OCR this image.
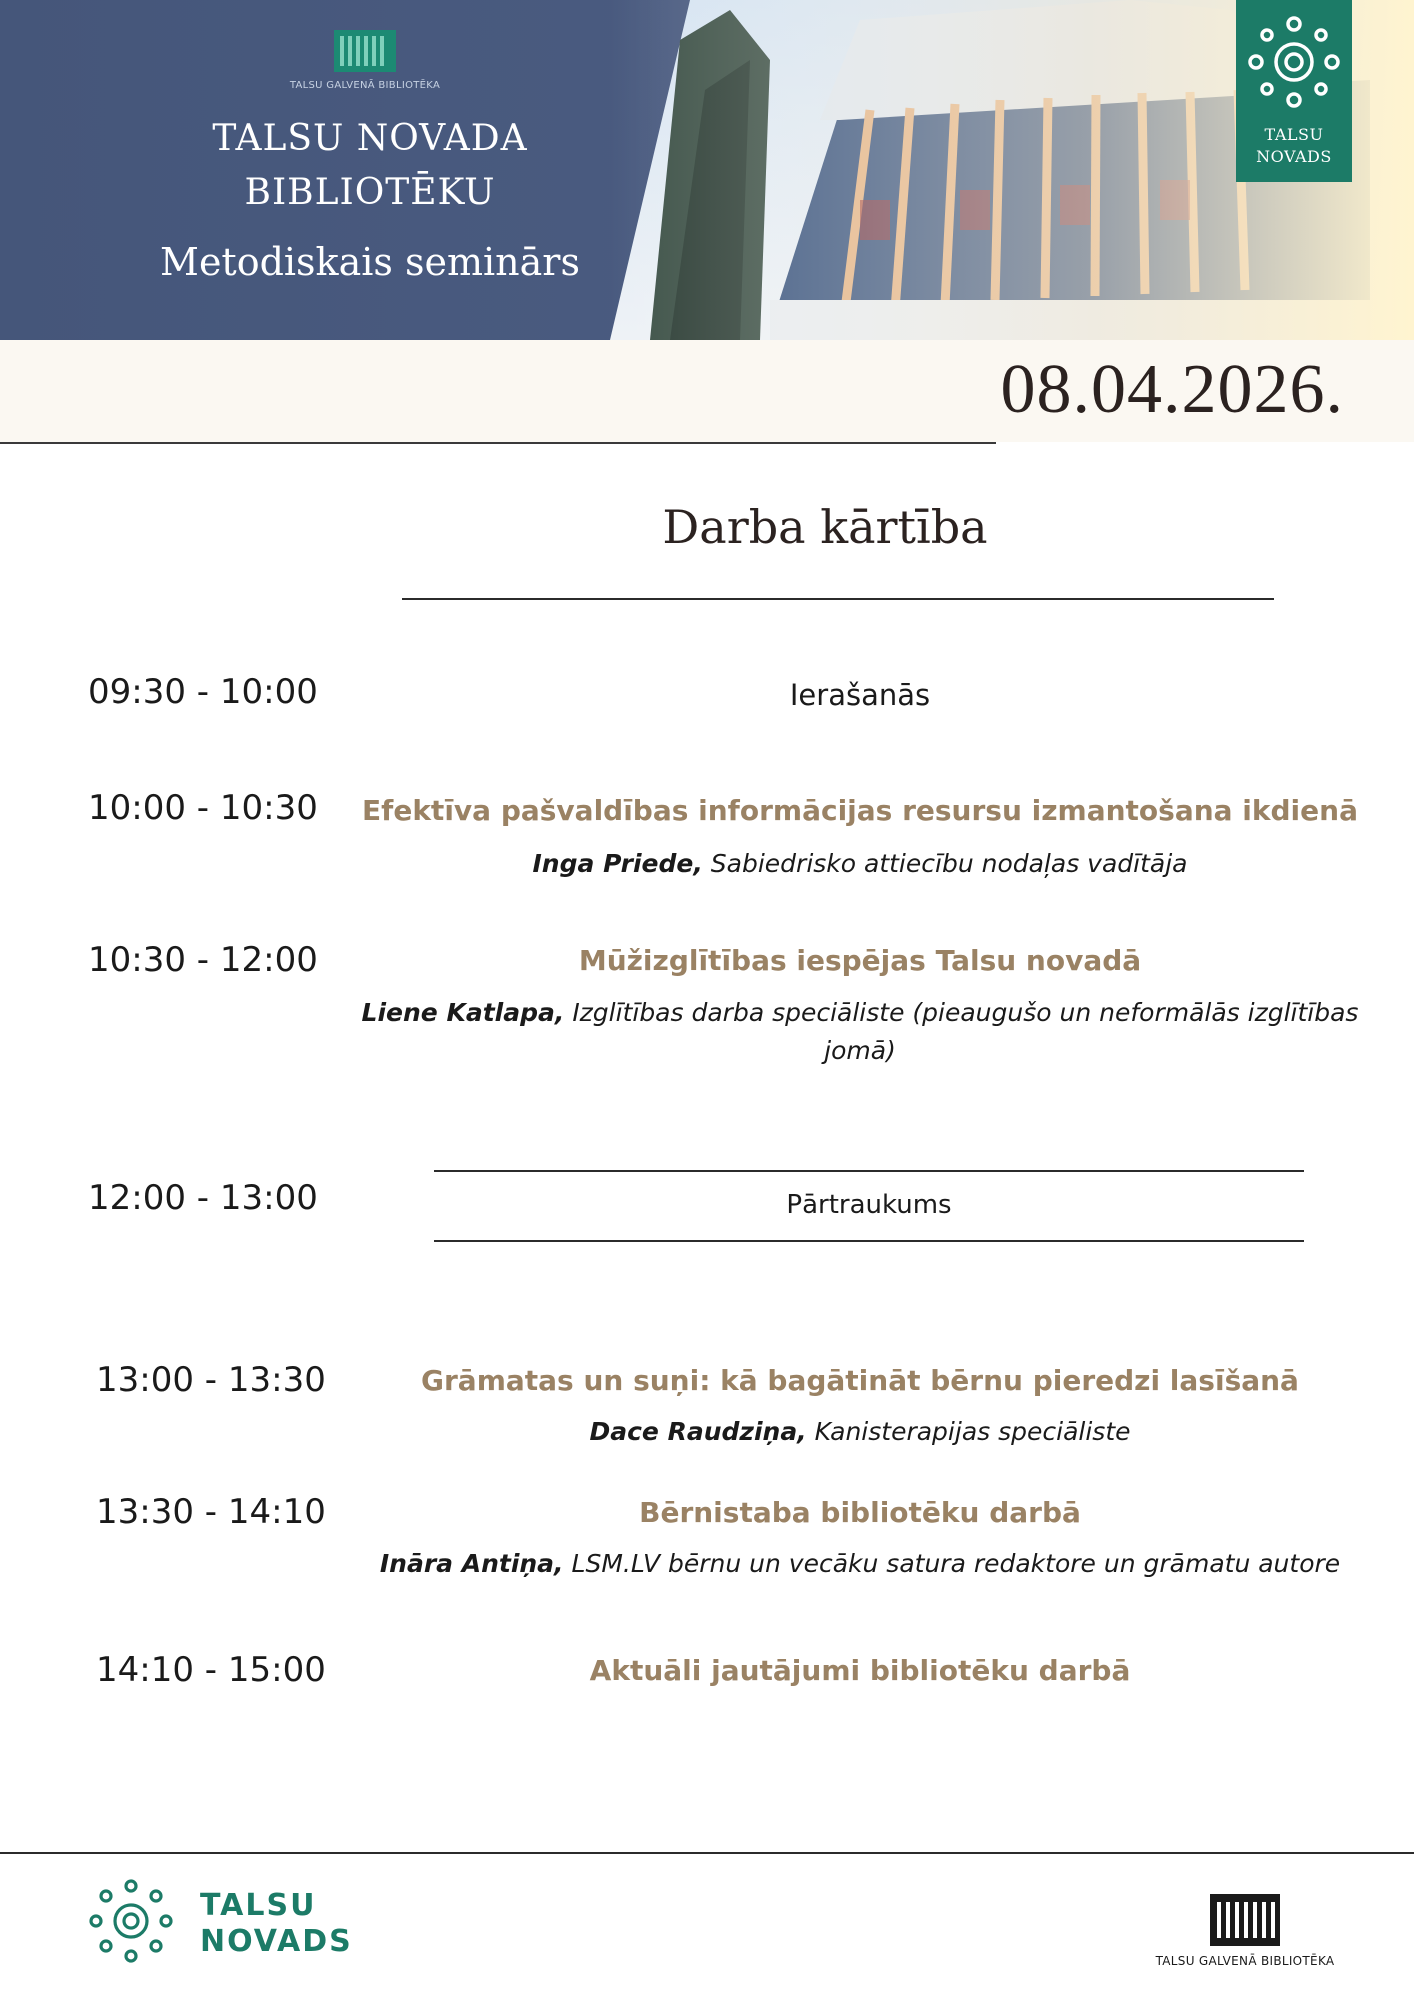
TALSU GALVENĀ BIBLIOTĒKA
TALSU NOVADA
BIBLIOTĒKU
Metodiskais seminārs
TALSU
NOVADS
08.04.2026.
Darba kārtība
09:30 - 10:00	Ierašanās
10:00 - 10:30	Efektīva pašvaldības informācijas resursu izmantošana ikdienā
Inga Priede, Sabiedrisko attiecību nodaļas vadītāja
10:30 - 12:00	Mūžizglītības iespējas Talsu novadā
Liene Katlapa, Izglītības darba speciāliste (pieaugušo un neformālās izglītības
jomā)
12:00 - 13:00	Pārtraukums
13:00 - 13:30	Grāmatas un suņi: kā bagātināt bērnu pieredzi lasīšanā
Dace Raudziņa, Kanisterapijas speciāliste
13:30 - 14:10	Bērnistaba bibliotēku darbā
Ināra Antiņa, LSM.LV bērnu un vecāku satura redaktore un grāmatu autore
14:10 - 15:00	Aktuāli jautājumi bibliotēku darbā
TALSU
NOVADS
TALSU GALVENĀ BIBLIOTĒKA
